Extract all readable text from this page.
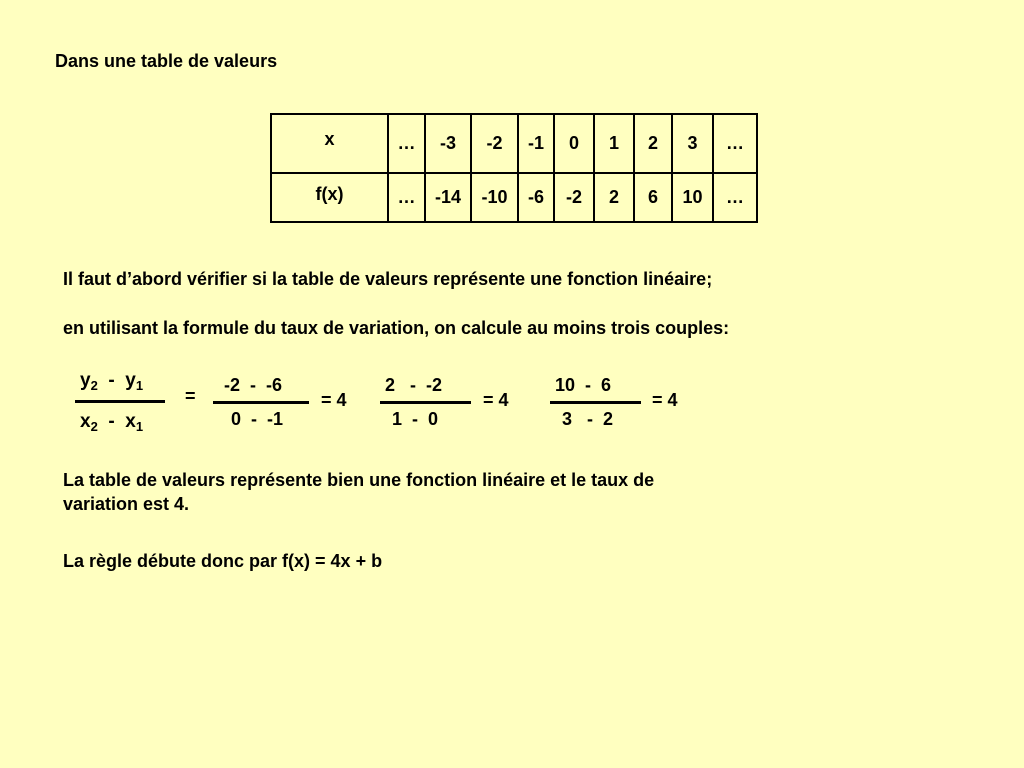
Dans une table de valeurs
x	…	-3	-2	-1	0	1	2	3	…
f(x)	…	-14	-10	-6	-2	2	6	10	…
Il faut d’abord vérifier si la table de valeurs représente une fonction linéaire;
en utilisant la formule du taux de variation, on calcule au moins trois couples:
$y_2 - y_1$
$x_2 - x_1$
=
-2  -  -6
0  -  -1
= 4
2   -  -2
1  -  0
= 4
10  -  6
3   -  2
= 4
La table de valeurs représente bien une fonction linéaire et le taux de
variation est 4.
La règle débute donc par f(x) = 4x + b
